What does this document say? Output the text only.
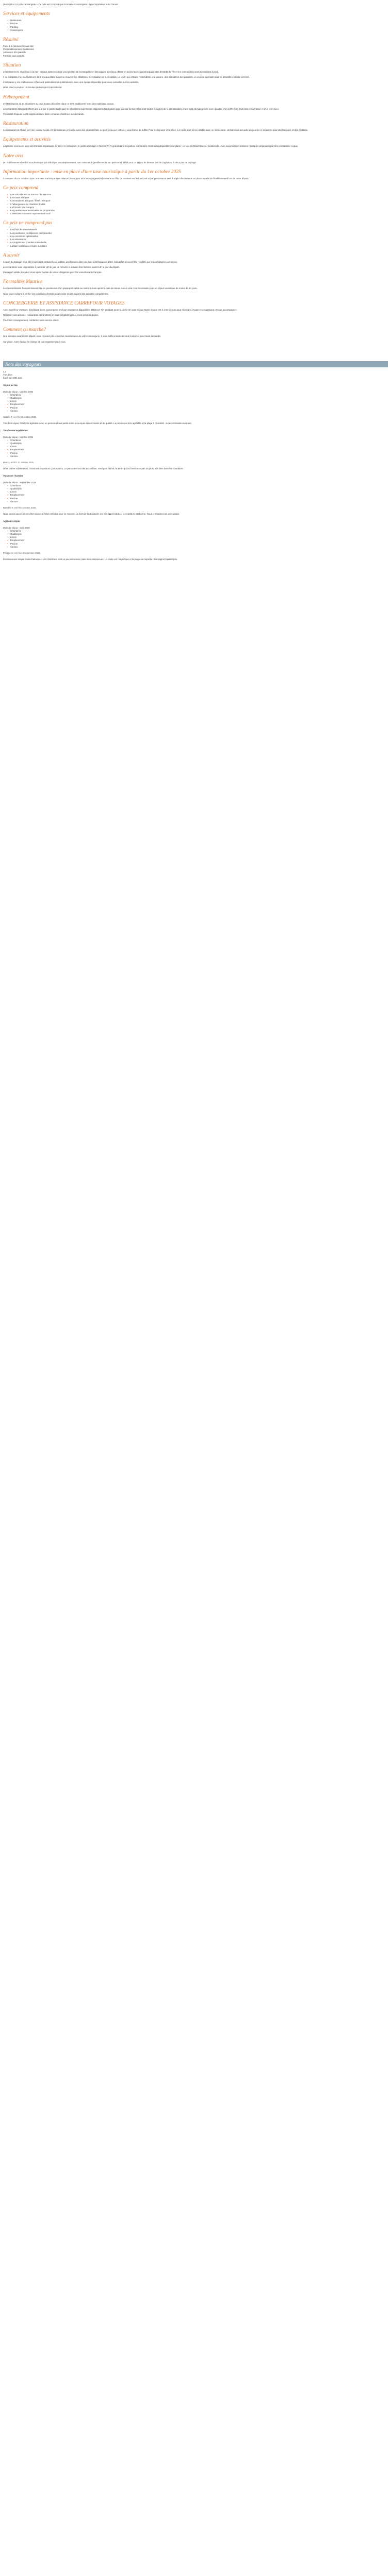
Description Ce pole conciergerie + Ce pole est composé par Formalité Conciergerie Lago Importateur Auto Cancel.

Services et équipements
• Restaurant
• Piscine
• Parking
• Conciergerie
Résumé

Face à la fameuse île aux rats

Petit établissement traditionnel

Ambiance très paisible

Formule tout compris

Situation

L'établissement, situé face à la mer, est une adresse idéale pour profiter de la tranquillité et des plages. Les lieux offrent un accès facile aux principaux sites d'intérêt de l'île et les commodités sont accessibles à pied.

Il se compose d'un seul bâtiment de 2 niveaux dans lequel se trouvent les chambres, le restaurant et la réception. Le jardin qui entoure l'hôtel abrite une piscine, des transats et des parasols, un espace agréable pour se détendre en toute sérénité.

L'ambiance y est chaleureuse et l'accueil particulièrement attentionné, avec une équipe disponible pour vous conseiller sur les activités.

Hôtel situé à environ 15 minutes de l'aéroport international.

Hébergement

L'hôtel dispose de 24 chambres au total, toutes décorées dans un style traditionnel avec des matériaux locaux.

Les chambres standard offrent une vue sur le jardin tandis que les chambres supérieures disposent d'un balcon avec vue sur la mer. Elles sont toutes équipées de la climatisation, d'une salle de bain privée avec douche, d'un coffre-fort, d'un mini-réfrigérateur et d'un téléviseur.

Possibilité d'ajouter un lit supplémentaire dans certaines chambres sur demande.

Restauration

Le restaurant de l'hôtel sert une cuisine locale et internationale préparée avec des produits frais. Le petit-déjeuner est servi sous forme de buffet. Pour le déjeuner et le dîner, les repas sont servis à table avec un menu varié. Un bar vous accueille en journée et en soirée pour des boissons et des cocktails.

Equipements et activités

La piscine extérieure avec ses transats et parasols, le bar et le restaurant, le jardin aménagé et l'accès Wi-Fi gratuit dans les parties communes. Sont aussi disponibles sur place : service de blanchisserie, location de vélos, excursions et activités nautiques proposées par des prestataires locaux.

Notre avis

Un établissement familial et authentique qui séduit par son emplacement, son calme et la gentillesse de son personnel. Idéal pour un séjour de détente loin de l'agitation, à deux pas de la plage.

Information importante : mise en place d'une taxe touristique à partir du 1er octobre 2025

À compter du 1er octobre 2025, une taxe touristique sera mise en place pour tous les voyageurs séjournant sur l'île. Le montant est fixé par nuit et par personne et sera à régler directement sur place auprès de l'établissement lors de votre départ.

Ce prix comprend
• Les vols aller-retour France - île Maurice
• Les taxes aéroport
• Les transferts aéroport / hôtel / aéroport
• L'hébergement en chambre double
• La formule tout compris
• Les prestations mentionnées au programme
• L'assistance de notre représentant local
Ce prix ne comprend pas
• Les frais de visa éventuels
• Les pourboires et dépenses personnelles
• Les excursions optionnelles
• Les assurances
• Le supplément chambre individuelle
• La taxe touristique à régler sur place
A savoir

Le port du masque peut être exigé dans certains lieux publics. Les horaires des vols sont communiqués à titre indicatif et peuvent être modifiés par les compagnies aériennes.

Les chambres sont disponibles à partir de 14h le jour de l'arrivée et doivent être libérées avant 12h le jour du départ.

Passeport valide plus de 6 mois après la date de retour obligatoire pour les ressortissants français.

Formalités Maurice

Les ressortissants français doivent être en possession d'un passeport valide au moins 6 mois après la date de retour. Aucun visa n'est nécessaire pour un séjour touristique de moins de 90 jours.

Nous vous invitons à vérifier les conditions d'entrée avant votre départ auprès des autorités compétentes.

CONCIERGERIE ET ASSISTANCE CARREFOUR VOYAGES

Avec Carrefour Voyages, bénéficiez d'une conciergerie et d'une assistance disponibles 24h/24 et 7j/7 pendant toute la durée de votre séjour. Notre équipe est à votre écoute pour répondre à toutes vos questions et vous accompagner.

Réservez vos activités, restaurants et transferts en toute simplicité grâce à nos services dédiés.

Pour tout renseignement, contactez notre service client.

Comment ça marche?

Une semaine avant votre départ, vous recevez par e-mail les coordonnées de votre conciergerie. Il vous suffit ensuite de nous contacter pour toute demande.

Sur place, notre équipe se charge de tout organiser pour vous.

Note des voyageurs

4,3

Très bien

basé sur 1081 avis

Séjour au top
Date du séjour : octobre 2025
• Chambres
• Qualité/prix
• Literie
• Emplacement
• Piscine
• Service
Isabelle F. écrit le 28 octobre 2025
Très bon séjour, hôtel très agréable avec un personnel aux petits soins. Les repas étaient variés et de qualité. La piscine est très agréable et la plage à proximité. Je recommande vivement.
Très bonne expérience
Date du séjour : octobre 2025
• Chambres
• Qualité/prix
• Literie
• Emplacement
• Piscine
• Service
Marc L. écrit le 21 octobre 2025
Hôtel calme et bien situé, chambres propres et confortables. Le personnel est très accueillant. Seul petit bémol, le Wi-Fi qui ne fonctionne pas toujours très bien dans les chambres.
Vacances réussies
Date du séjour : septembre 2025
• Chambres
• Qualité/prix
• Literie
• Emplacement
• Piscine
• Service
Nathalie D. écrit le 2 octobre 2025
Nous avons passé un excellent séjour. L'hôtel est idéal pour se reposer. La formule tout compris est très appréciable et la nourriture est bonne. Nous y retournerons avec plaisir.
Agréable séjour
Date du séjour : août 2025
• Chambres
• Qualité/prix
• Literie
• Emplacement
• Piscine
• Service
Philippe M. écrit le 14 septembre 2025
Établissement simple mais chaleureux. Les chambres sont un peu anciennes mais bien entretenues. Le cadre est magnifique et la plage est superbe. Bon rapport qualité/prix.
